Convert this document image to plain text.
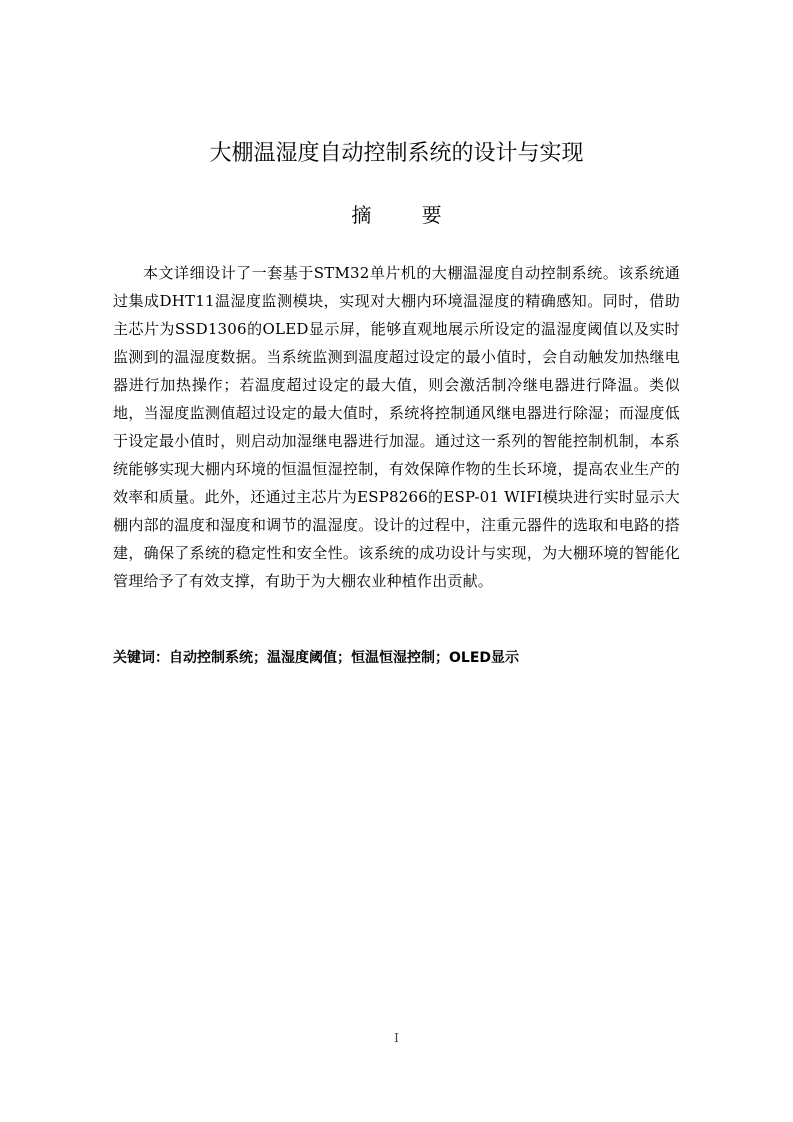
大棚温湿度自动控制系统的设计与实现
摘 要
本文详细设计了一套基于STM32单片机的大棚温湿度自动控制系统。该系统通过集成DHT11温湿度监测模块，实现对大棚内环境温湿度的精确感知。同时，借助主芯片为SSD1306的OLED显示屏，能够直观地展示所设定的温湿度阈值以及实时监测到的温湿度数据。当系统监测到温度超过设定的最小值时，会自动触发加热继电器进行加热操作；若温度超过设定的最大值，则会激活制冷继电器进行降温。类似地，当湿度监测值超过设定的最大值时，系统将控制通风继电器进行除湿；而湿度低于设定最小值时，则启动加湿继电器进行加湿。通过这一系列的智能控制机制，本系统能够实现大棚内环境的恒温恒湿控制，有效保障作物的生长环境，提高农业生产的效率和质量。此外，还通过主芯片为ESP8266的ESP-01 WIFI模块进行实时显示大棚内部的温度和湿度和调节的温湿度。设计的过程中，注重元器件的选取和电路的搭建，确保了系统的稳定性和安全性。该系统的成功设计与实现，为大棚环境的智能化管理给予了有效支撑，有助于为大棚农业种植作出贡献。
关键词：自动控制系统；温湿度阈值；恒温恒湿控制；OLED显示
I
